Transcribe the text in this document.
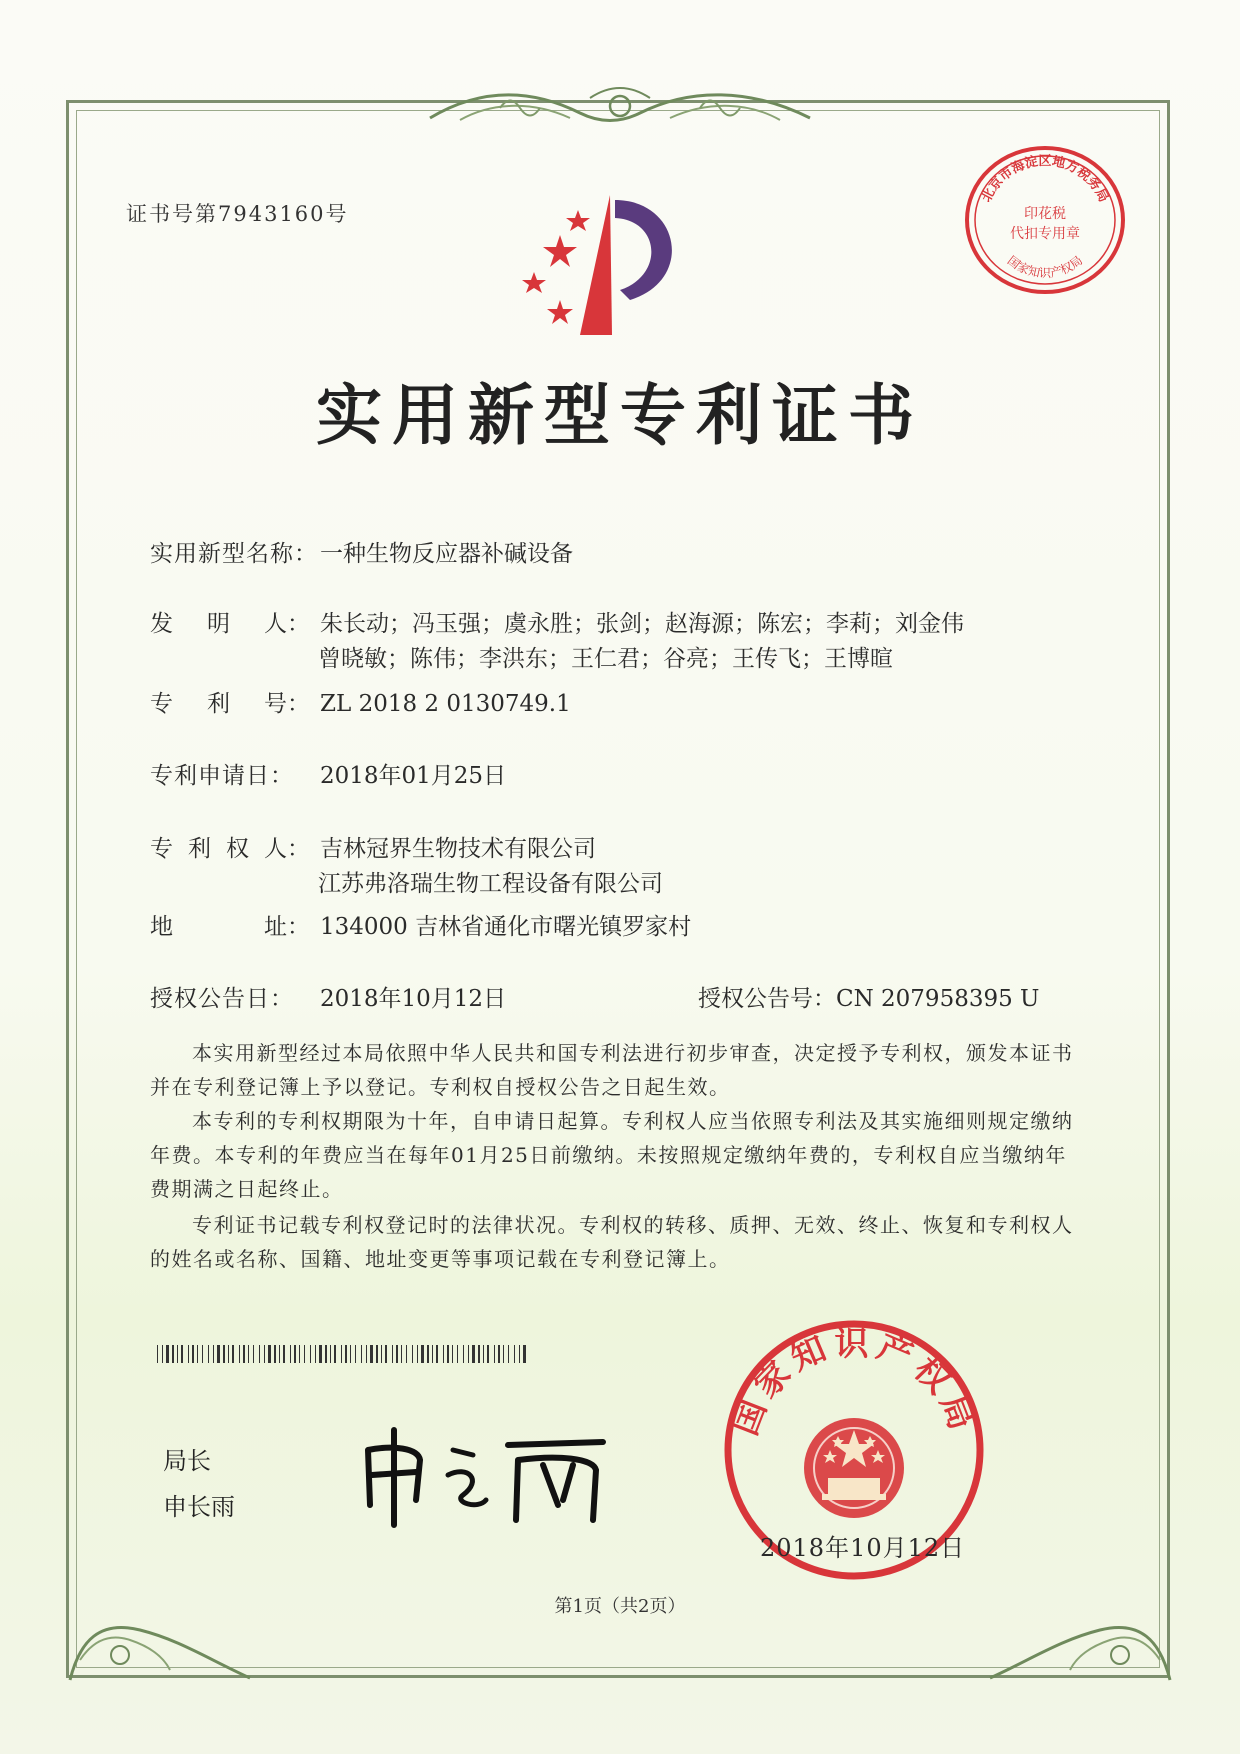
证书号第7943160号
北京市海淀区地方税务局
印花税
代扣专用章
国家知识产权局
实用新型专利证书
实用新型名称：一种生物反应器补碱设备
发 明 人： 朱长动；冯玉强；虞永胜；张剑；赵海源；陈宏；李莉；刘金伟
曾晓敏；陈伟；李洪东；王仁君；谷亮；王传飞；王博暄
专 利 号： ZL 2018 2 0130749.1
专利申请日： 2018年01月25日
专 利 权 人： 吉林冠界生物技术有限公司
江苏弗洛瑞生物工程设备有限公司
地	址： 134000 吉林省通化市曙光镇罗家村
授权公告日： 2018年10月12日	授权公告号：CN 207958395 U
本实用新型经过本局依照中华人民共和国专利法进行初步审查，决定授予专利权，颁发本证书并在专利登记簿上予以登记。专利权自授权公告之日起生效。
本专利的专利权期限为十年，自申请日起算。专利权人应当依照专利法及其实施细则规定缴纳年费。本专利的年费应当在每年01月25日前缴纳。未按照规定缴纳年费的，专利权自应当缴纳年费期满之日起终止。
专利证书记载专利权登记时的法律状况。专利权的转移、质押、无效、终止、恢复和专利权人的姓名或名称、国籍、地址变更等事项记载在专利登记簿上。
局长
申长雨
国家知识产权局
2018年10月12日
第1页（共2页）
